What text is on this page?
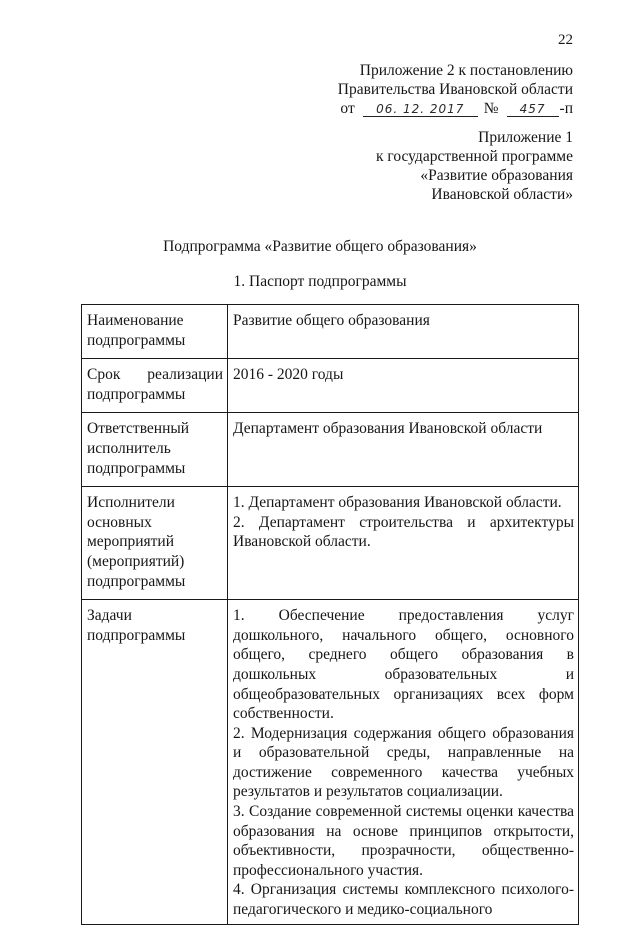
22
Приложение 2 к постановлению
Правительства Ивановской области
от	06. 12. 2017	№	457 -п
Приложение 1
к государственной программе
«Развитие образования
Ивановской области»
Подпрограмма «Развитие общего образования»
1. Паспорт подпрограммы
Наименование подпрограммы	Развитие общего образования

Срок реализации подпрограммы	2016 - 2020 годы

Ответственный исполнитель подпрограммы	Департамент образования Ивановской области

Исполнители основных мероприятий (мероприятий) подпрограммы	1. Департамент образования Ивановской области.
2. Департамент строительства и архитектуры Ивановской области.

Задачи подпрограммы	1. Обеспечение предоставления услуг дошкольного, начального общего, основного общего, среднего общего образования в дошкольных образовательных и общеобразовательных организациях всех форм собственности.
2. Модернизация содержания общего образования и образовательной среды, направленные на достижение современного качества учебных результатов и результатов социализации.
3. Создание современной системы оценки качества образования на основе принципов открытости, объективности, прозрачности, общественно-профессионального участия.
4. Организация системы комплексного психолого-педагогического и медико-социального
